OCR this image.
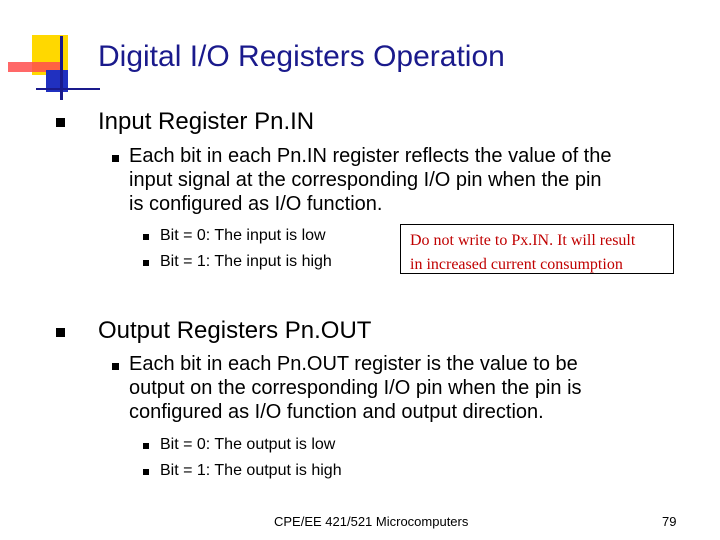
Digital I/O Registers Operation
Input Register Pn.IN
Each bit in each Pn.IN register reflects the value of the
input signal at the corresponding I/O pin when the pin
is configured as I/O function.
Bit = 0: The input is low
Bit = 1: The input is high
Do not write to Px.IN. It will result
in increased current consumption
Output Registers Pn.OUT
Each bit in each Pn.OUT register is the value to be
output on the corresponding I/O pin when the pin is
configured as I/O function and output direction.
Bit = 0: The output is low
Bit = 1: The output is high
CPE/EE 421/521 Microcomputers	79
